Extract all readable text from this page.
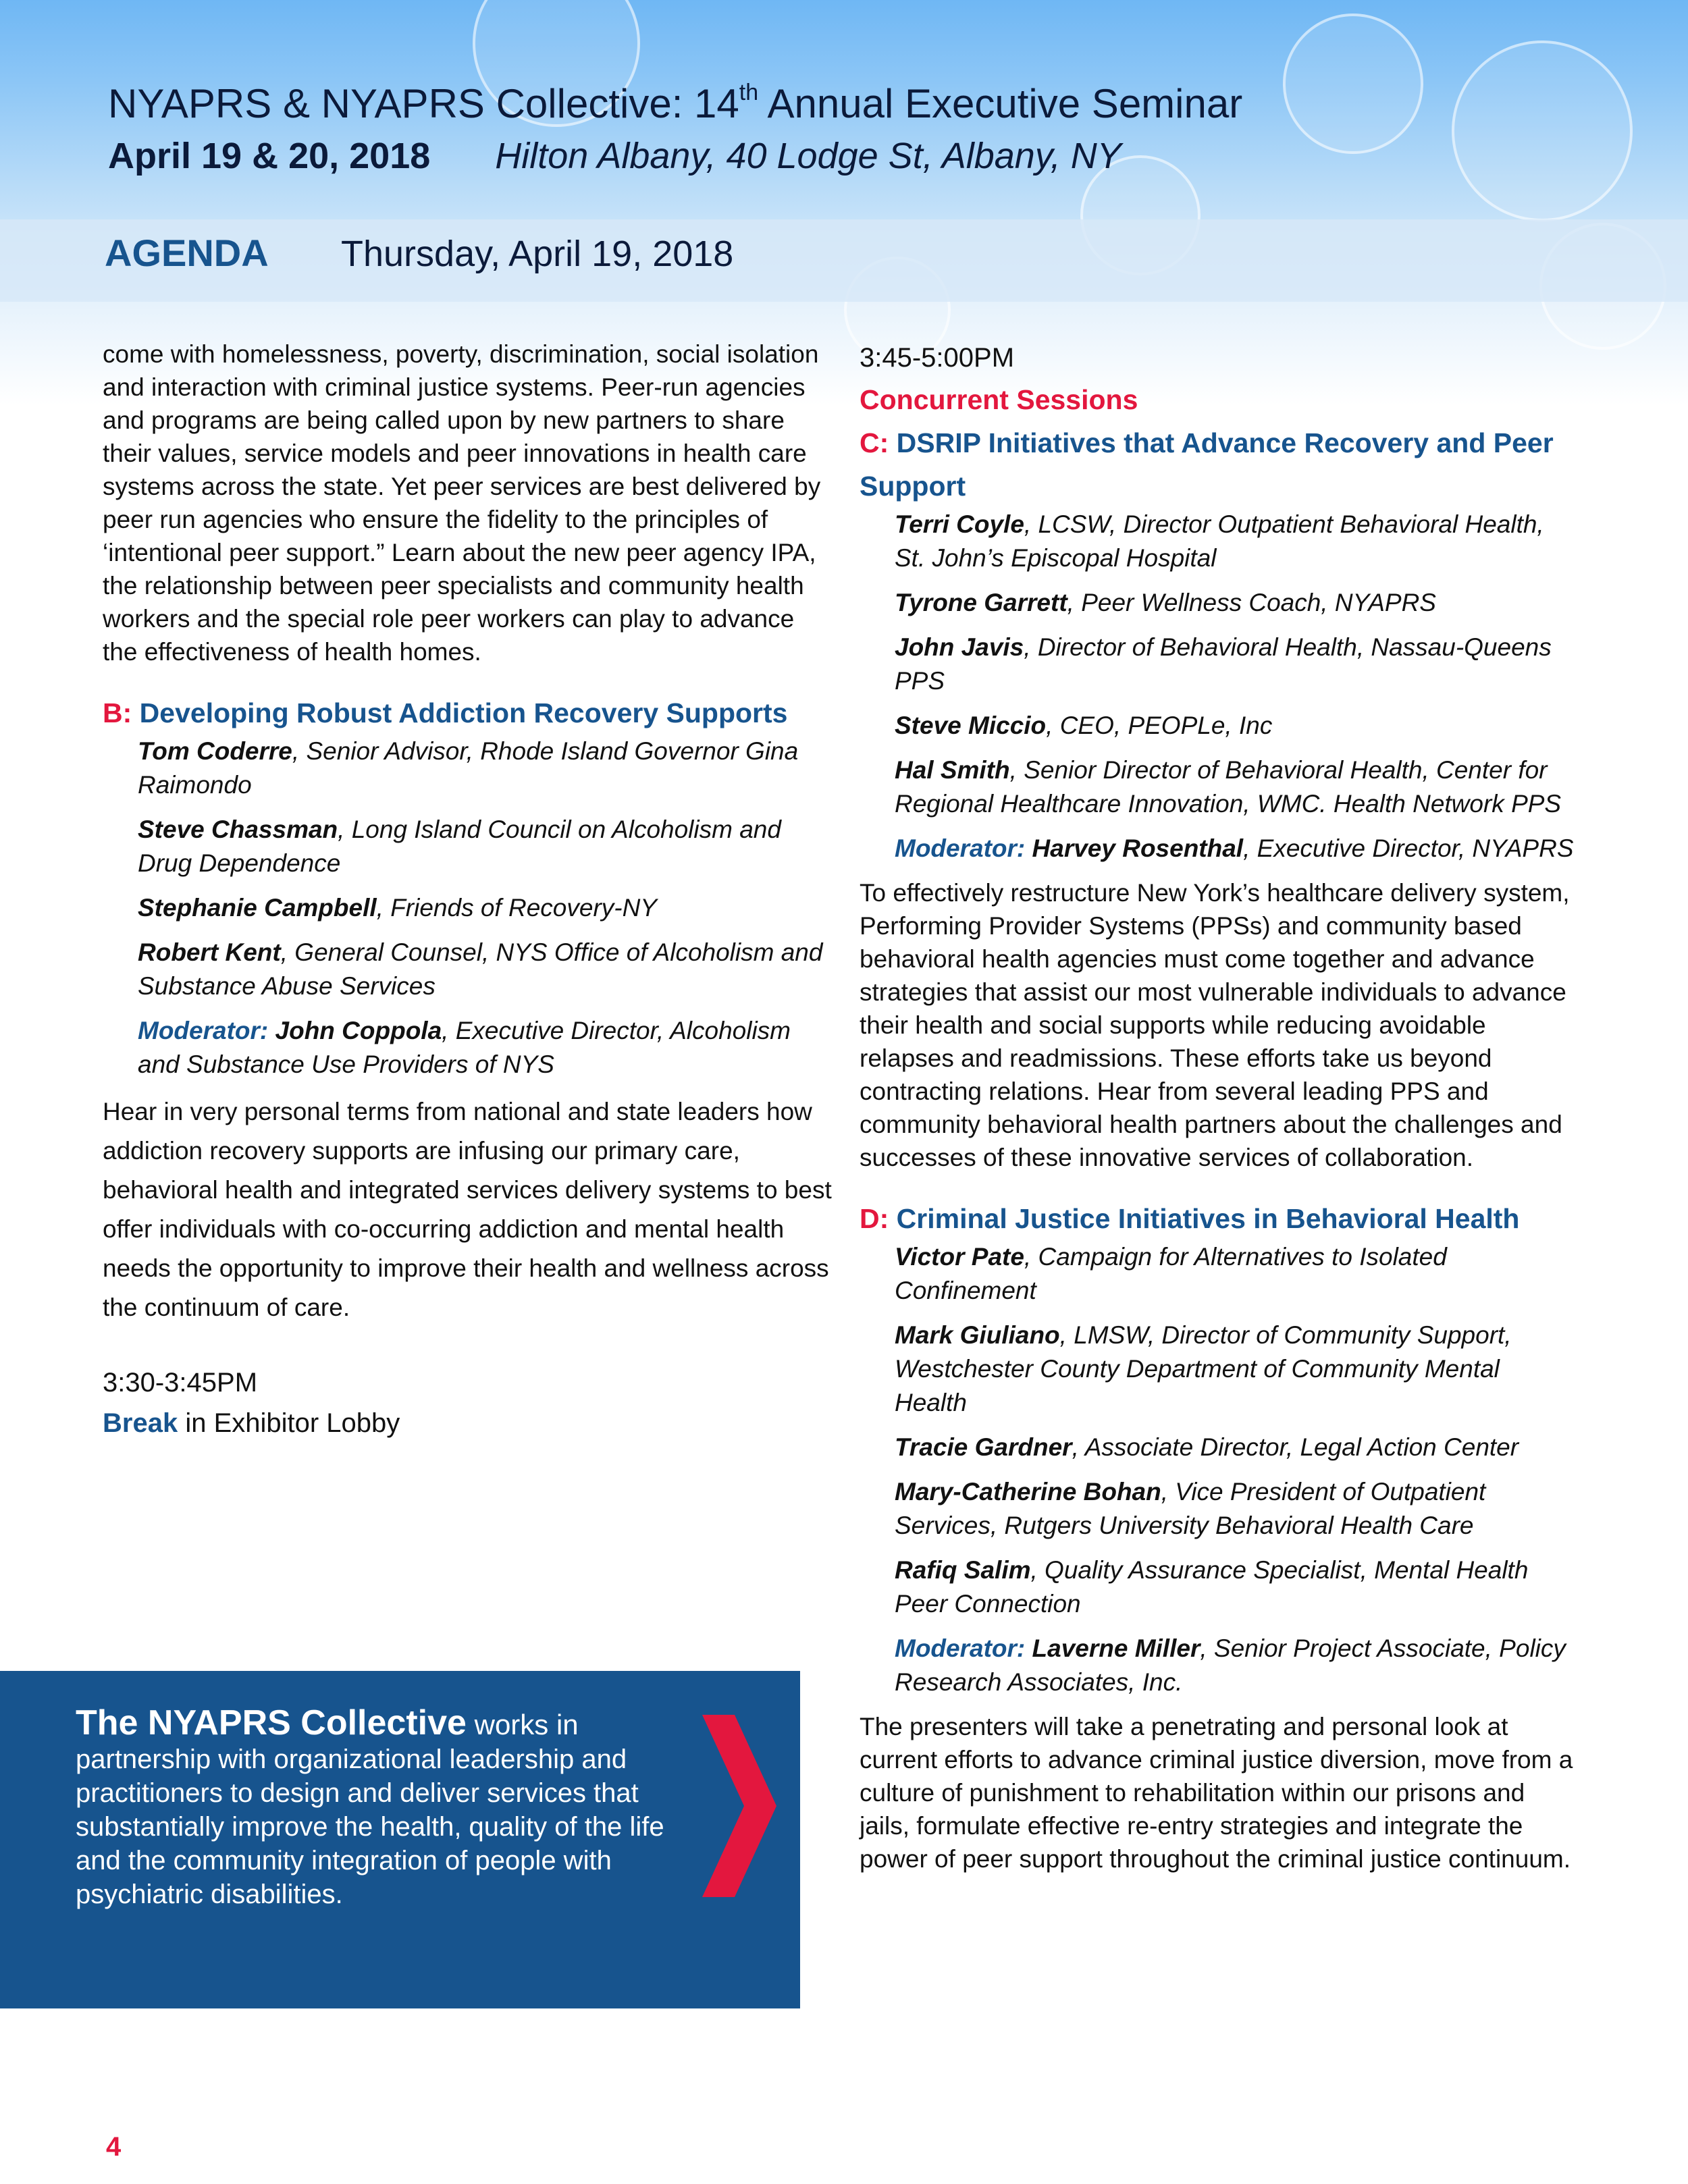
NYAPRS & NYAPRS Collective: 14th Annual Executive Seminar
April 19 & 20, 2018 Hilton Albany, 40 Lodge St, Albany, NY
AGENDA Thursday, April 19, 2018

come with homelessness, poverty, discrimination, social isolation and interaction with criminal justice systems. Peer-run agencies and programs are being called upon by new partners to share their values, service models and peer innovations in health care systems across the state. Yet peer services are best delivered by peer run agencies who ensure the fidelity to the principles of ‘intentional peer support.” Learn about the new peer agency IPA, the relationship between peer specialists and community health workers and the special role peer workers can play to advance the effectiveness of health homes.

B: Developing Robust Addiction Recovery Supports
Tom Coderre, Senior Advisor, Rhode Island Governor Gina Raimondo
Steve Chassman, Long Island Council on Alcoholism and Drug Dependence
Stephanie Campbell, Friends of Recovery-NY
Robert Kent, General Counsel, NYS Office of Alcoholism and Substance Abuse Services
Moderator: John Coppola, Executive Director, Alcoholism and Substance Use Providers of NYS

Hear in very personal terms from national and state leaders how addiction recovery supports are infusing our primary care, behavioral health and integrated services delivery systems to best offer individuals with co-occurring addiction and mental health needs the opportunity to improve their health and wellness across the continuum of care.

3:30-3:45PM
Break in Exhibitor Lobby
3:45-5:00PM
Concurrent Sessions
C: DSRIP Initiatives that Advance Recovery and Peer Support
Terri Coyle, LCSW, Director Outpatient Behavioral Health, St. John’s Episcopal Hospital
Tyrone Garrett, Peer Wellness Coach, NYAPRS
John Javis, Director of Behavioral Health, Nassau-Queens PPS
Steve Miccio, CEO, PEOPLe, Inc
Hal Smith, Senior Director of Behavioral Health, Center for Regional Healthcare Innovation, WMC. Health Network PPS
Moderator: Harvey Rosenthal, Executive Director, NYAPRS

To effectively restructure New York’s healthcare delivery system, Performing Provider Systems (PPSs) and community based behavioral health agencies must come together and advance strategies that assist our most vulnerable individuals to advance their health and social supports while reducing avoidable relapses and readmissions. These efforts take us beyond contracting relations. Hear from several leading PPS and community behavioral health partners about the challenges and successes of these innovative services of collaboration.

D: Criminal Justice Initiatives in Behavioral Health
Victor Pate, Campaign for Alternatives to Isolated Confinement
Mark Giuliano, LMSW, Director of Community Support, Westchester County Department of Community Mental Health
Tracie Gardner, Associate Director, Legal Action Center
Mary-Catherine Bohan, Vice President of Outpatient Services, Rutgers University Behavioral Health Care
Rafiq Salim, Quality Assurance Specialist, Mental Health Peer Connection
Moderator: Laverne Miller, Senior Project Associate, Policy Research Associates, Inc.

The presenters will take a penetrating and personal look at current efforts to advance criminal justice diversion, move from a culture of punishment to rehabilitation within our prisons and jails, formulate effective re-entry strategies and integrate the power of peer support throughout the criminal justice continuum.

The NYAPRS Collective works in
partnership with organizational leadership and practitioners to design and deliver services that substantially improve the health, quality of the life and the community integration of people with psychiatric disabilities.
4
